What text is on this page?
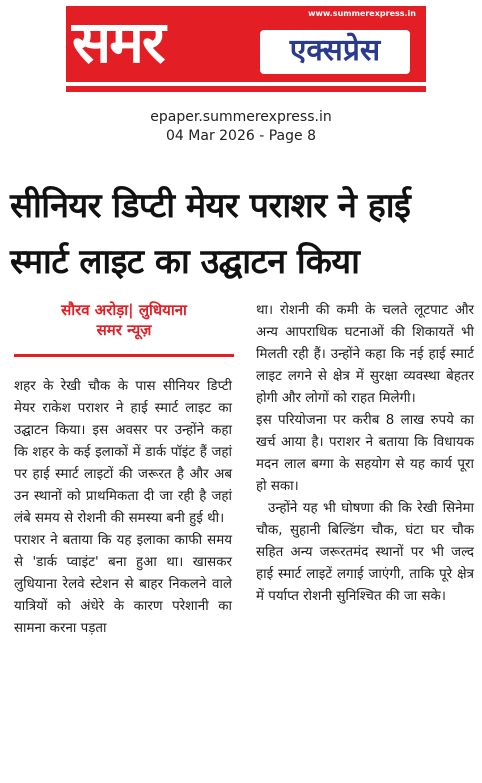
www.summerexpress.in
समर	एक्सप्रेस
epaper.summerexpress.in
04 Mar 2026 - Page 8
सीनियर डिप्टी मेयर पराशर ने हाई
स्मार्ट लाइट का उद्घाटन किया
सौरव अरोड़ा| लुधियाना
समर न्यूज़

शहर के रेखी चौक के पास सीनियर डिप्टी मेयर राकेश पराशर ने हाई स्मार्ट लाइट का उद्घाटन किया। इस अवसर पर उन्होंने कहा कि शहर के कई इलाकों में डार्क पॉइंट हैं जहां पर हाई स्मार्ट लाइटों की जरूरत है और अब उन स्थानों को प्राथमिकता दी जा रही है जहां लंबे समय से रोशनी की समस्या बनी हुई थी।

पराशर ने बताया कि यह इलाका काफी समय से 'डार्क प्वाइंट' बना हुआ था। खासकर लुधियाना रेलवे स्टेशन से बाहर निकलने वाले यात्रियों को अंधेरे के कारण परेशानी का सामना करना पड़ता

था। रोशनी की कमी के चलते लूटपाट और अन्य आपराधिक घटनाओं की शिकायतें भी मिलती रही हैं। उन्होंने कहा कि नई हाई स्मार्ट लाइट लगने से क्षेत्र में सुरक्षा व्यवस्था बेहतर होगी और लोगों को राहत मिलेगी।

इस परियोजना पर करीब 8 लाख रुपये का खर्च आया है। पराशर ने बताया कि विधायक मदन लाल बग्गा के सहयोग से यह कार्य पूरा हो सका।

उन्होंने यह भी घोषणा की कि रेखी सिनेमा चौक, सुहानी बिल्डिंग चौक, घंटा घर चौक सहित अन्य जरूरतमंद स्थानों पर भी जल्द हाई स्मार्ट लाइटें लगाई जाएंगी, ताकि पूरे क्षेत्र में पर्याप्त रोशनी सुनिश्चित की जा सके।
